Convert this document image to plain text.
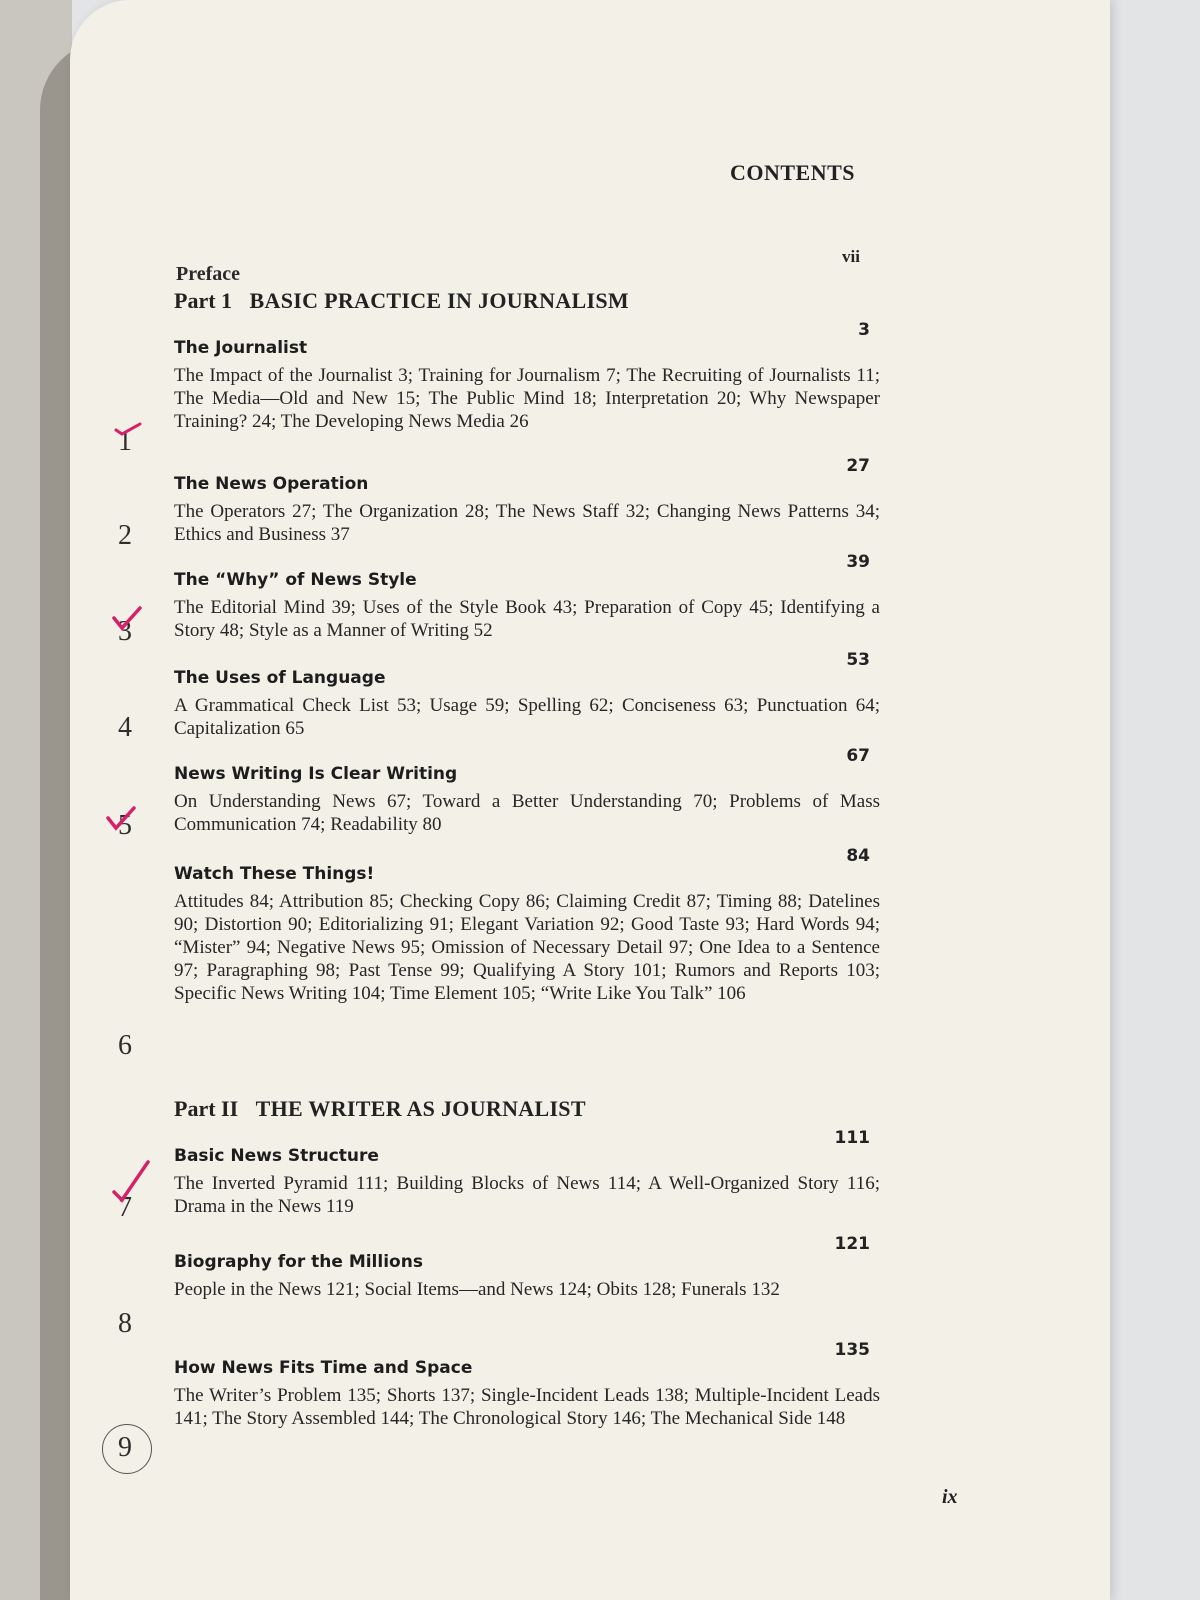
CONTENTS
Preface
vii
Part 1 BASIC PRACTICE IN JOURNALISM
The Journalist
3
The Impact of the Journalist 3; Training for Journalism 7; The Recruiting of Journalists 11; The Media—Old and New 15; The Public Mind 18; Interpretation 20; Why Newspaper Training? 24; The Developing News Media 26
1
The News Operation
27
The Operators 27; The Organization 28; The News Staff 32; Changing News Patterns 34; Ethics and Business 37
2
The “Why” of News Style
39
The Editorial Mind 39; Uses of the Style Book 43; Preparation of Copy 45; Identifying a Story 48; Style as a Manner of Writing 52
3
The Uses of Language
53
A Grammatical Check List 53; Usage 59; Spelling 62; Conciseness 63; Punctuation 64; Capitalization 65
4
News Writing Is Clear Writing
67
On Understanding News 67; Toward a Better Understanding 70; Problems of Mass Communication 74; Readability 80
5
Watch These Things!
84
Attitudes 84; Attribution 85; Checking Copy 86; Claiming Credit 87; Timing 88; Datelines 90; Distortion 90; Editorializing 91; Elegant Variation 92; Good Taste 93; Hard Words 94; “Mister” 94; Negative News 95; Omission of Necessary Detail 97; One Idea to a Sentence 97; Paragraphing 98; Past Tense 99; Qualifying A Story 101; Rumors and Reports 103; Specific News Writing 104; Time Element 105; “Write Like You Talk” 106
6
Part II THE WRITER AS JOURNALIST
Basic News Structure
111
The Inverted Pyramid 111; Building Blocks of News 114; A Well-Organized Story 116; Drama in the News 119
7
Biography for the Millions
121
People in the News 121; Social Items—and News 124; Obits 128; Funerals 132
8
How News Fits Time and Space
135
The Writer’s Problem 135; Shorts 137; Single-Incident Leads 138; Multiple-Incident Leads 141; The Story Assembled 144; The Chronological Story 146; The Mechanical Side 148
9
ix
